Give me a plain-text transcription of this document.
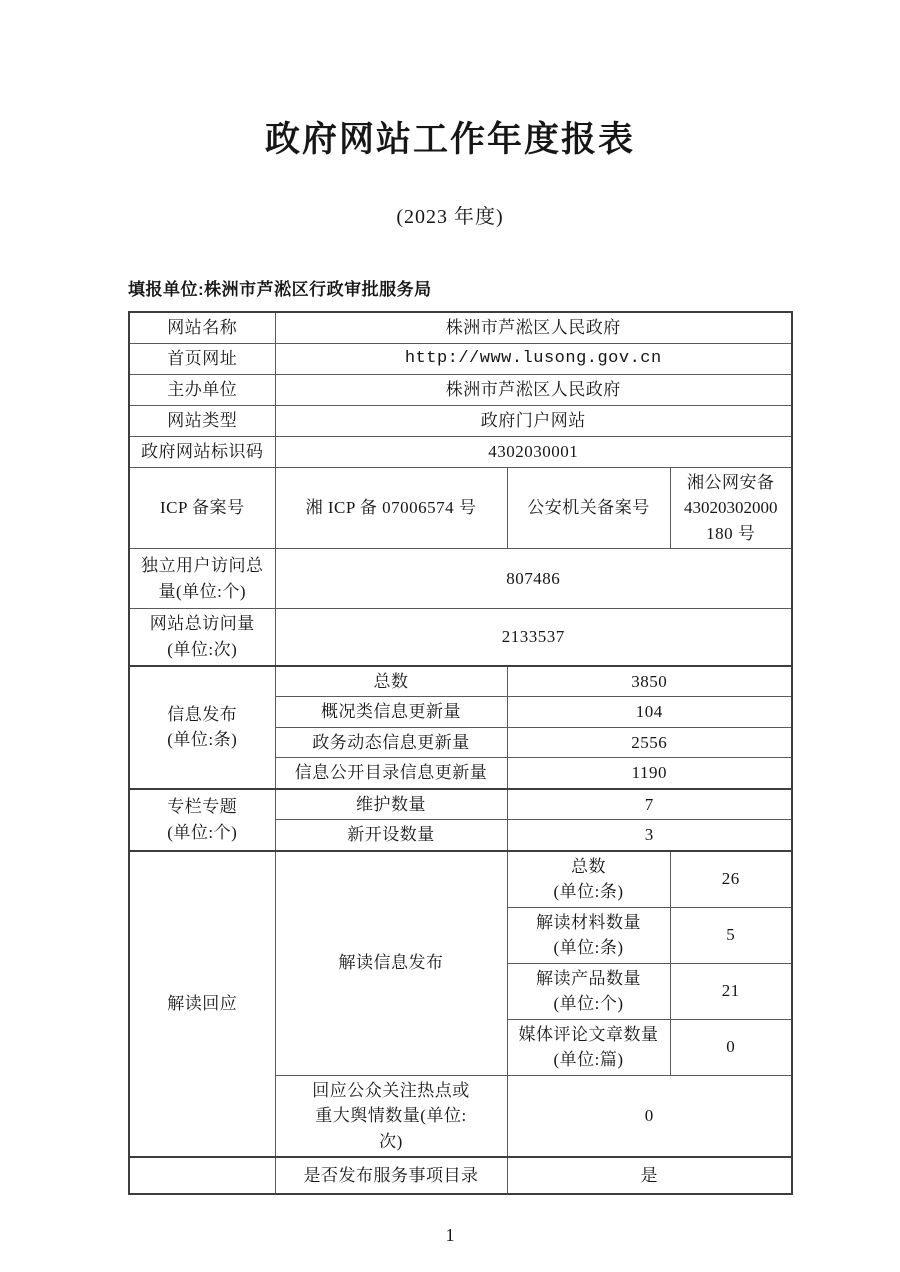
政府网站工作年度报表
(2023 年度)
填报单位:株洲市芦淞区行政审批服务局
网站名称	株洲市芦淞区人民政府		
首页网址	http://www.lusong.gov.cn		
主办单位	株洲市芦淞区人民政府		
网站类型	政府门户网站		
政府网站标识码	4302030001		
ICP 备案号	湘 ICP 备 07006574 号	公安机关备案号	湘公网安备
43020302000
180 号

独立用户访问总
量(单位:个)	807486		

网站总访问量
(单位:次)	2133537		

信息发布
(单位:条)	总数	3850	
	概况类信息更新量	104	
	政务动态信息更新量	2556	
	信息公开目录信息更新量	1190	

专栏专题
(单位:个)	维护数量	7	
	新开设数量	3	
解读回应	解读信息发布	总数
(单位:条)	26

		解读材料数量
(单位:条)	5

		解读产品数量
(单位:个)	21

		媒体评论文章数量
(单位:篇)	0

	回应公众关注热点或
重大舆情数量(单位:
次)	0	
	是否发布服务事项目录	是	
1
